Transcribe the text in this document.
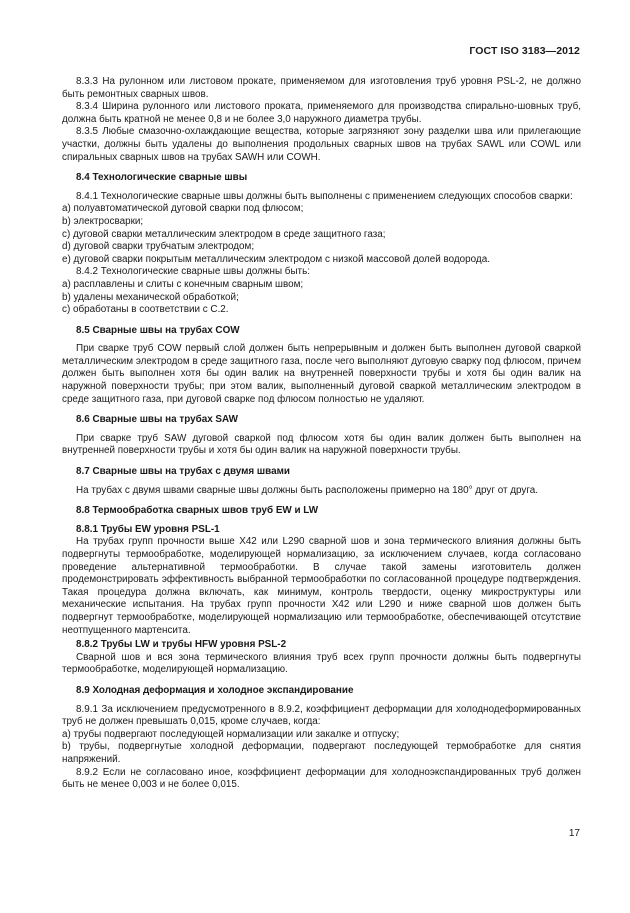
ГОСТ ISO 3183—2012

8.3.3 На рулонном или листовом прокате, применяемом для изготовления труб уровня PSL-2, не должно быть ремонтных сварных швов.

8.3.4 Ширина рулонного или листового проката, применяемого для производства спирально-шовных труб, должна быть кратной не менее 0,8 и не более 3,0 наружного диаметра трубы.

8.3.5 Любые смазочно-охлаждающие вещества, которые загрязняют зону разделки шва или прилегающие участки, должны быть удалены до выполнения продольных сварных швов на трубах SAWL или COWL или спиральных сварных швов на трубах SAWH или COWH.

8.4 Технологические сварные швы

8.4.1 Технологические сварные швы должны быть выполнены с применением следующих способов сварки:

a) полуавтоматической дуговой сварки под флюсом;

b) электросварки;

c) дуговой сварки металлическим электродом в среде защитного газа;

d) дуговой сварки трубчатым электродом;

e) дуговой сварки покрытым металлическим электродом с низкой массовой долей водорода.

8.4.2 Технологические сварные швы должны быть:

a) расплавлены и слиты с конечным сварным швом;

b) удалены механической обработкой;

c) обработаны в соответствии с С.2.

8.5 Сварные швы на трубах COW

При сварке труб COW первый слой должен быть непрерывным и должен быть выполнен дуговой сваркой металлическим электродом в среде защитного газа, после чего выполняют дуговую сварку под флюсом, причем должен быть выполнен хотя бы один валик на внутренней поверхности трубы и хотя бы один валик на наружной поверхности трубы; при этом валик, выполненный дуговой сваркой металлическим электродом в среде защитного газа, при дуговой сварке под флюсом полностью не удаляют.

8.6 Сварные швы на трубах SAW

При сварке труб SAW дуговой сваркой под флюсом хотя бы один валик должен быть выполнен на внутренней поверхности трубы и хотя бы один валик на наружной поверхности трубы.

8.7 Сварные швы на трубах с двумя швами

На трубах с двумя швами сварные швы должны быть расположены примерно на 180° друг от друга.

8.8 Термообработка сварных швов труб EW и LW

8.8.1 Трубы EW уровня PSL-1

На трубах групп прочности выше X42 или L290 сварной шов и зона термического влияния должны быть подвергнуты термообработке, моделирующей нормализацию, за исключением случаев, когда согласовано проведение альтернативной термообработки. В случае такой замены изготовитель должен продемонстрировать эффективность выбранной термообработки по согласованной процедуре подтверждения. Такая процедура должна включать, как минимум, контроль твердости, оценку микроструктуры или механические испытания. На трубах групп прочности X42 или L290 и ниже сварной шов должен быть подвергнут термообработке, моделирующей нормализацию или термообработке, обеспечивающей отсутствие неотпущенного мартенсита.

8.8.2 Трубы LW и трубы HFW уровня PSL-2

Сварной шов и вся зона термического влияния труб всех групп прочности должны быть подвергнуты термообработке, моделирующей нормализацию.

8.9 Холодная деформация и холодное экспандирование

8.9.1 За исключением предусмотренного в 8.9.2, коэффициент деформации для холоднодеформированных труб не должен превышать 0,015, кроме случаев, когда:

a) трубы подвергают последующей нормализации или закалке и отпуску;

b) трубы, подвергнутые холодной деформации, подвергают последующей термобработке для снятия напряжений.

8.9.2 Если не согласовано иное, коэффициент деформации для холодноэкспандированных труб должен быть не менее 0,003 и не более 0,015.

17
